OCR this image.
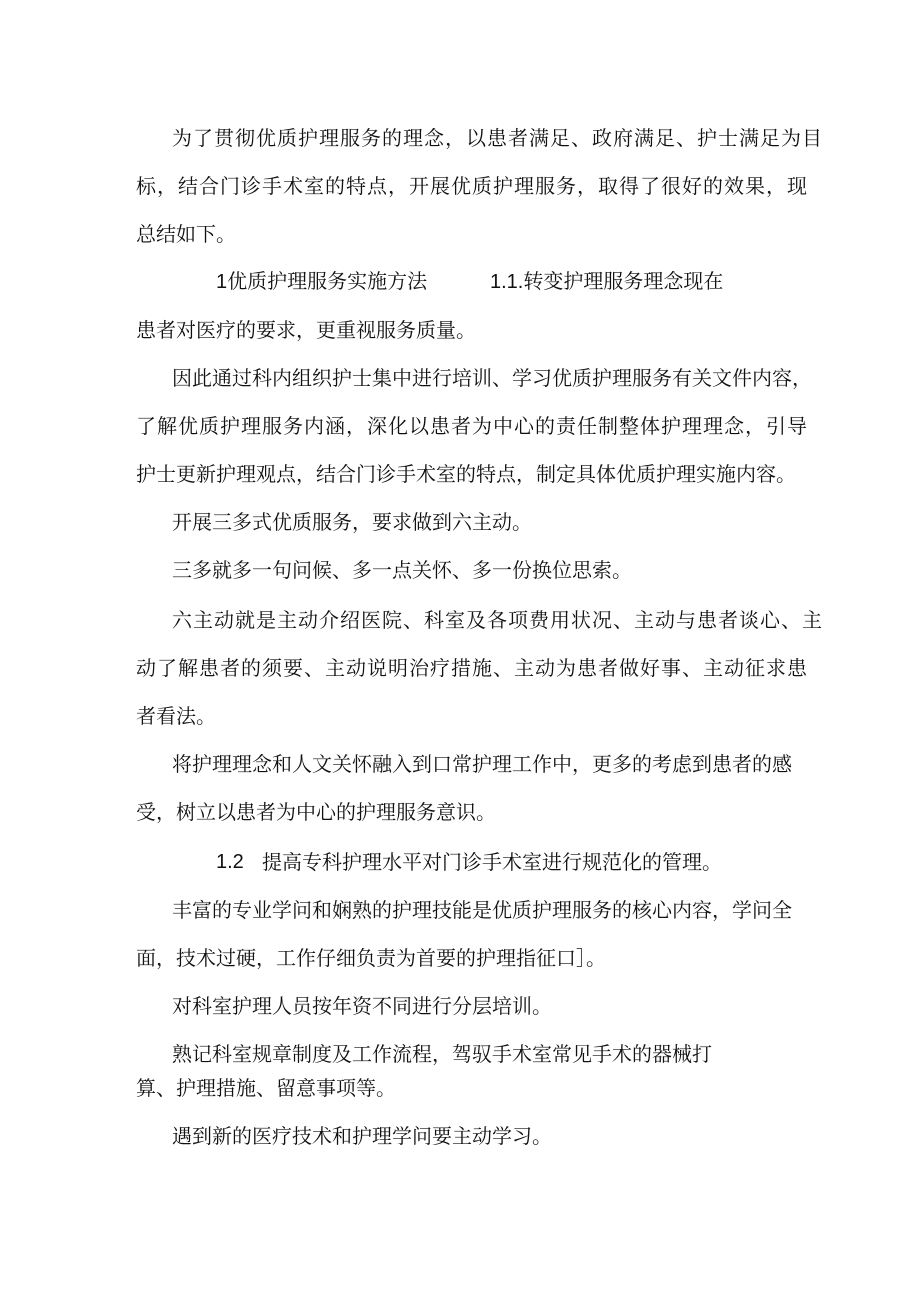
为了贯彻优质护理服务的理念，以患者满足、政府满足、护士满足为目
标，结合门诊手术室的特点，开展优质护理服务，取得了很好的效果，现
总结如下。
1优质护理服务实施方法	1.1.转变护理服务理念现在
患者对医疗的要求，更重视服务质量。
因此通过科内组织护士集中进行培训、学习优质护理服务有关文件内容，
了解优质护理服务内涵，深化以患者为中心的责任制整体护理理念，引导
护士更新护理观点，结合门诊手术室的特点，制定具体优质护理实施内容。
开展三多式优质服务，要求做到六主动。
三多就多一句问候、多一点关怀、多一份换位思索。
六主动就是主动介绍医院、科室及各项费用状况、主动与患者谈心、主
动了解患者的须要、主动说明治疗措施、主动为患者做好事、主动征求患
者看法。
将护理理念和人文关怀融入到口常护理工作中，更多的考虑到患者的感
受，树立以患者为中心的护理服务意识。
1.2 提高专科护理水平对门诊手术室进行规范化的管理。
丰富的专业学问和娴熟的护理技能是优质护理服务的核心内容，学问全
面，技术过硬，工作仔细负责为首要的护理指征口］。
对科室护理人员按年资不同进行分层培训。
熟记科室规章制度及工作流程，驾驭手术室常见手术的器械打
算、护理措施、留意事项等。
遇到新的医疗技术和护理学问要主动学习。
